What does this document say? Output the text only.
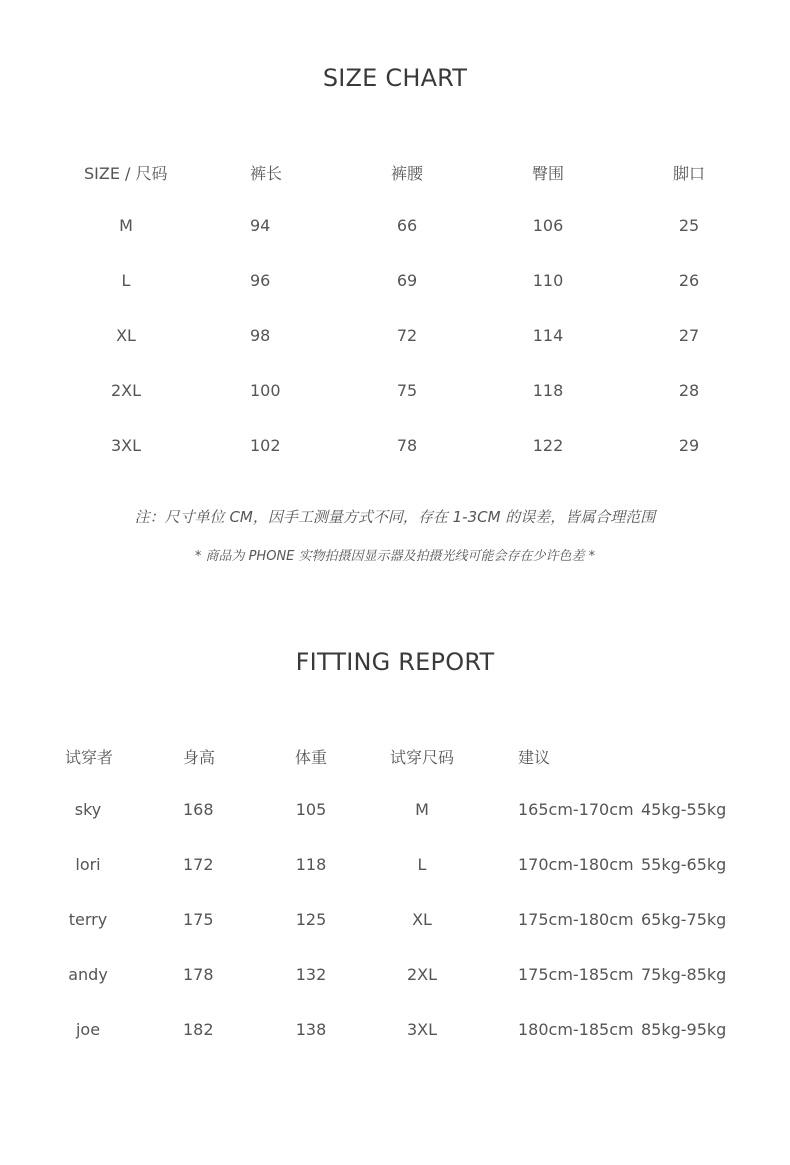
SIZE CHART
SIZE / 尺码	裤长	裤腰	臀围	脚口
M	94	66	106	25
L	96	69	110	26
XL	98	72	114	27
2XL	100	75	118	28
3XL	102	78	122	29
注：尺寸单位 CM，因手工测量方式不同，存在 1-3CM 的误差，皆属合理范围
* 商品为 PHONE 实物拍摄因显示器及拍摄光线可能会存在少许色差 *
FITTING REPORT
试穿者	身高	体重	试穿尺码	建议
sky	168	105	M	165cm-170cm 45kg-55kg
lori	172	118	L	170cm-180cm 55kg-65kg
terry	175	125	XL	175cm-180cm 65kg-75kg
andy	178	132	2XL	175cm-185cm 75kg-85kg
joe	182	138	3XL	180cm-185cm 85kg-95kg
